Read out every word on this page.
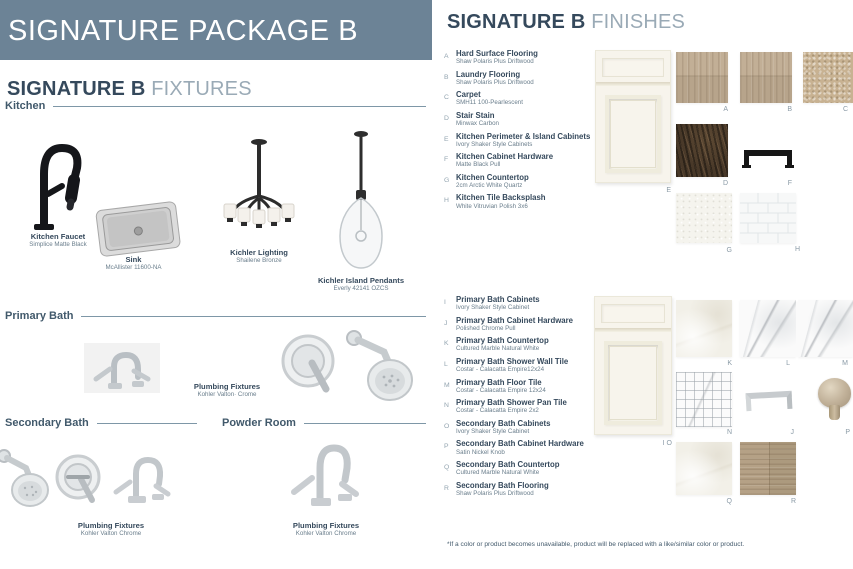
SIGNATURE PACKAGE B
SIGNATURE B FIXTURES
Kitchen
Kitchen Faucet
Simplice Matte Black
Sink
McAllister 11600-NA
Kichler Lighting
Shailene Bronze
Kichler Island Pendants
Everly 42141 OZCS
Primary Bath
Plumbing Fixtures
Kohler Valton· Crome
Secondary Bath	Powder Room
Plumbing Fixtures
Kohler Valton Chrome
Plumbing Fixtures
Kohler Valton Chrome
SIGNATURE B FINISHES
A Hard Surface Flooring
Shaw Polaris Plus Driftwood
B Laundry Flooring
Shaw Polaris Plus Driftwood
C Carpet
SMH11 100-Pearlescent
D Stair Stain
Minwax Carbon
E Kitchen Perimeter & Island Cabinets
Ivory Shaker Style Cabinets
F	Kitchen Cabinet Hardware
Matte Black Pull
G Kitchen Countertop
2cm Arctic White Quartz
H Kitchen Tile Backsplash
White Vitruvian Polish 3x6
I	Primary Bath Cabinets
Ivory Shaker Style Cabinet
J	Primary Bath Cabinet Hardware
Polished Chrome Pull
K Primary Bath Countertop
Cultured Marble Natural White
L	Primary Bath Shower Wall Tile
Costar - Calacatta Empire12x24
M Primary Bath Floor Tile
Costar - Calacatta Empire 12x24
N Primary Bath Shower Pan Tile
Costar - Calacatta Empire 2x2
O Secondary Bath Cabinets
Ivory Shaker Style Cabinet
P Secondary Bath Cabinet Hardware
Satin Nickel Knob
Q Secondary Bath Countertop
Cultured Marble Natural White
R Secondary Bath Flooring
Shaw Polaris Plus Driftwood
E
A	B	C
D	F
G	H
I O
K	L	M
N	J	P
Q	R
*If a color or product becomes unavailable, product will be replaced with a like/similar color or product.
